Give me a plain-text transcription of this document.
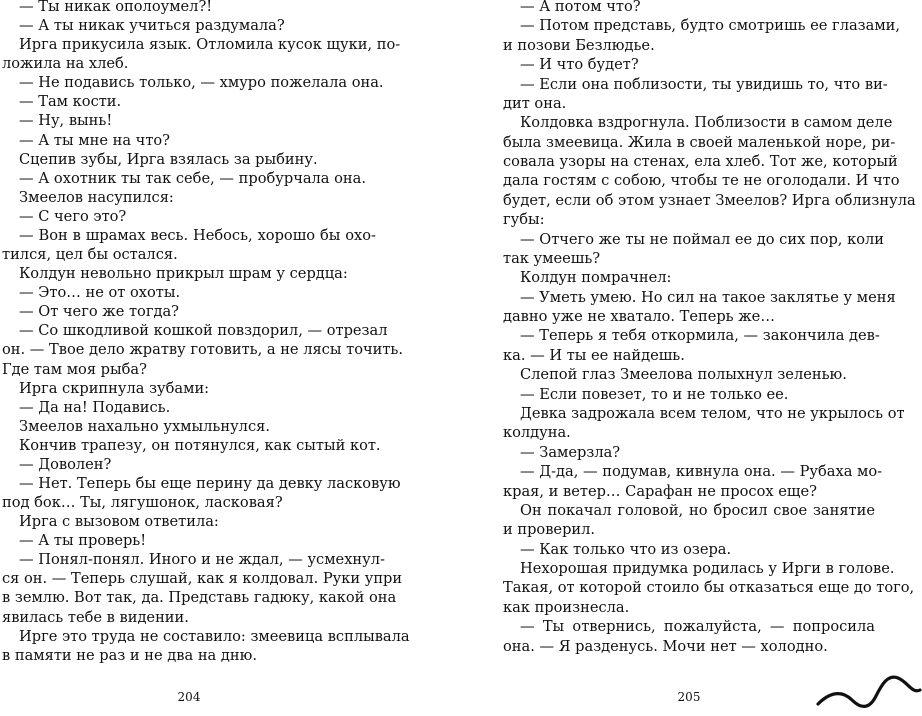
— Ты никак ополоумел?!
— А ты никак учиться раздумала?
Ирга прикусила язык. Отломила кусок щуки, по-
ложила на хлеб.
— Не подавись только, — хмуро пожелала она.
— Там кости.
— Ну, вынь!
— А ты мне на что?
Сцепив зубы, Ирга взялась за рыбину.
— А охотник ты так себе, — пробурчала она.
Змеелов насупился:
— С чего это?
— Вон в шрамах весь. Небось, хорошо бы охо-
тился, цел бы остался.
Колдун невольно прикрыл шрам у сердца:
— Это… не от охоты.
— От чего же тогда?
— Со шкодливой кошкой повздорил, — отрезал
он. — Твое дело жратву готовить, а не лясы точить.
Где там моя рыба?
Ирга скрипнула зубами:
— Да на! Подавись.
Змеелов нахально ухмыльнулся.
Кончив трапезу, он потянулся, как сытый кот.
— Доволен?
— Нет. Теперь бы еще перину да девку ласковую
под бок… Ты, лягушонок, ласковая?
Ирга с вызовом ответила:
— А ты проверь!
— Понял-понял. Иного и не ждал, — усмехнул-
ся он. — Теперь слушай, как я колдовал. Руки упри
в землю. Вот так, да. Представь гадюку, какой она
явилась тебе в видении.
Ирге это труда не составило: змеевица всплывала
в памяти не раз и не два на дню.
204
— А потом что?
— Потом представь, будто смотришь ее глазами,
и позови Безлюдье.
— И что будет?
— Если она поблизости, ты увидишь то, что ви-
дит она.
Колдовка вздрогнула. Поблизости в самом деле
была змеевица. Жила в своей маленькой норе, ри-
совала узоры на стенах, ела хлеб. Тот же, который
дала гостям с собою, чтобы те не оголодали. И что
будет, если об этом узнает Змеелов? Ирга облизнула
губы:
— Отчего же ты не поймал ее до сих пор, коли
так умеешь?
Колдун помрачнел:
— Уметь умею. Но сил на такое заклятье у меня
давно уже не хватало. Теперь же…
— Теперь я тебя откормила, — закончила дев-
ка. — И ты ее найдешь.
Слепой глаз Змеелова полыхнул зеленью.
— Если повезет, то и не только ее.
Девка задрожала всем телом, что не укрылось от
колдуна.
— Замерзла?
— Д-да, — подумав, кивнула она. — Рубаха мо-
края, и ветер… Сарафан не просох еще?
Он покачал головой, но бросил свое занятие
и проверил.
— Как только что из озера.
Нехорошая придумка родилась у Ирги в голове.
Такая, от которой стоило бы отказаться еще до того,
как произнесла.
— Ты отвернись, пожалуйста, — попросила
она. — Я разденусь. Мочи нет — холодно.
205
